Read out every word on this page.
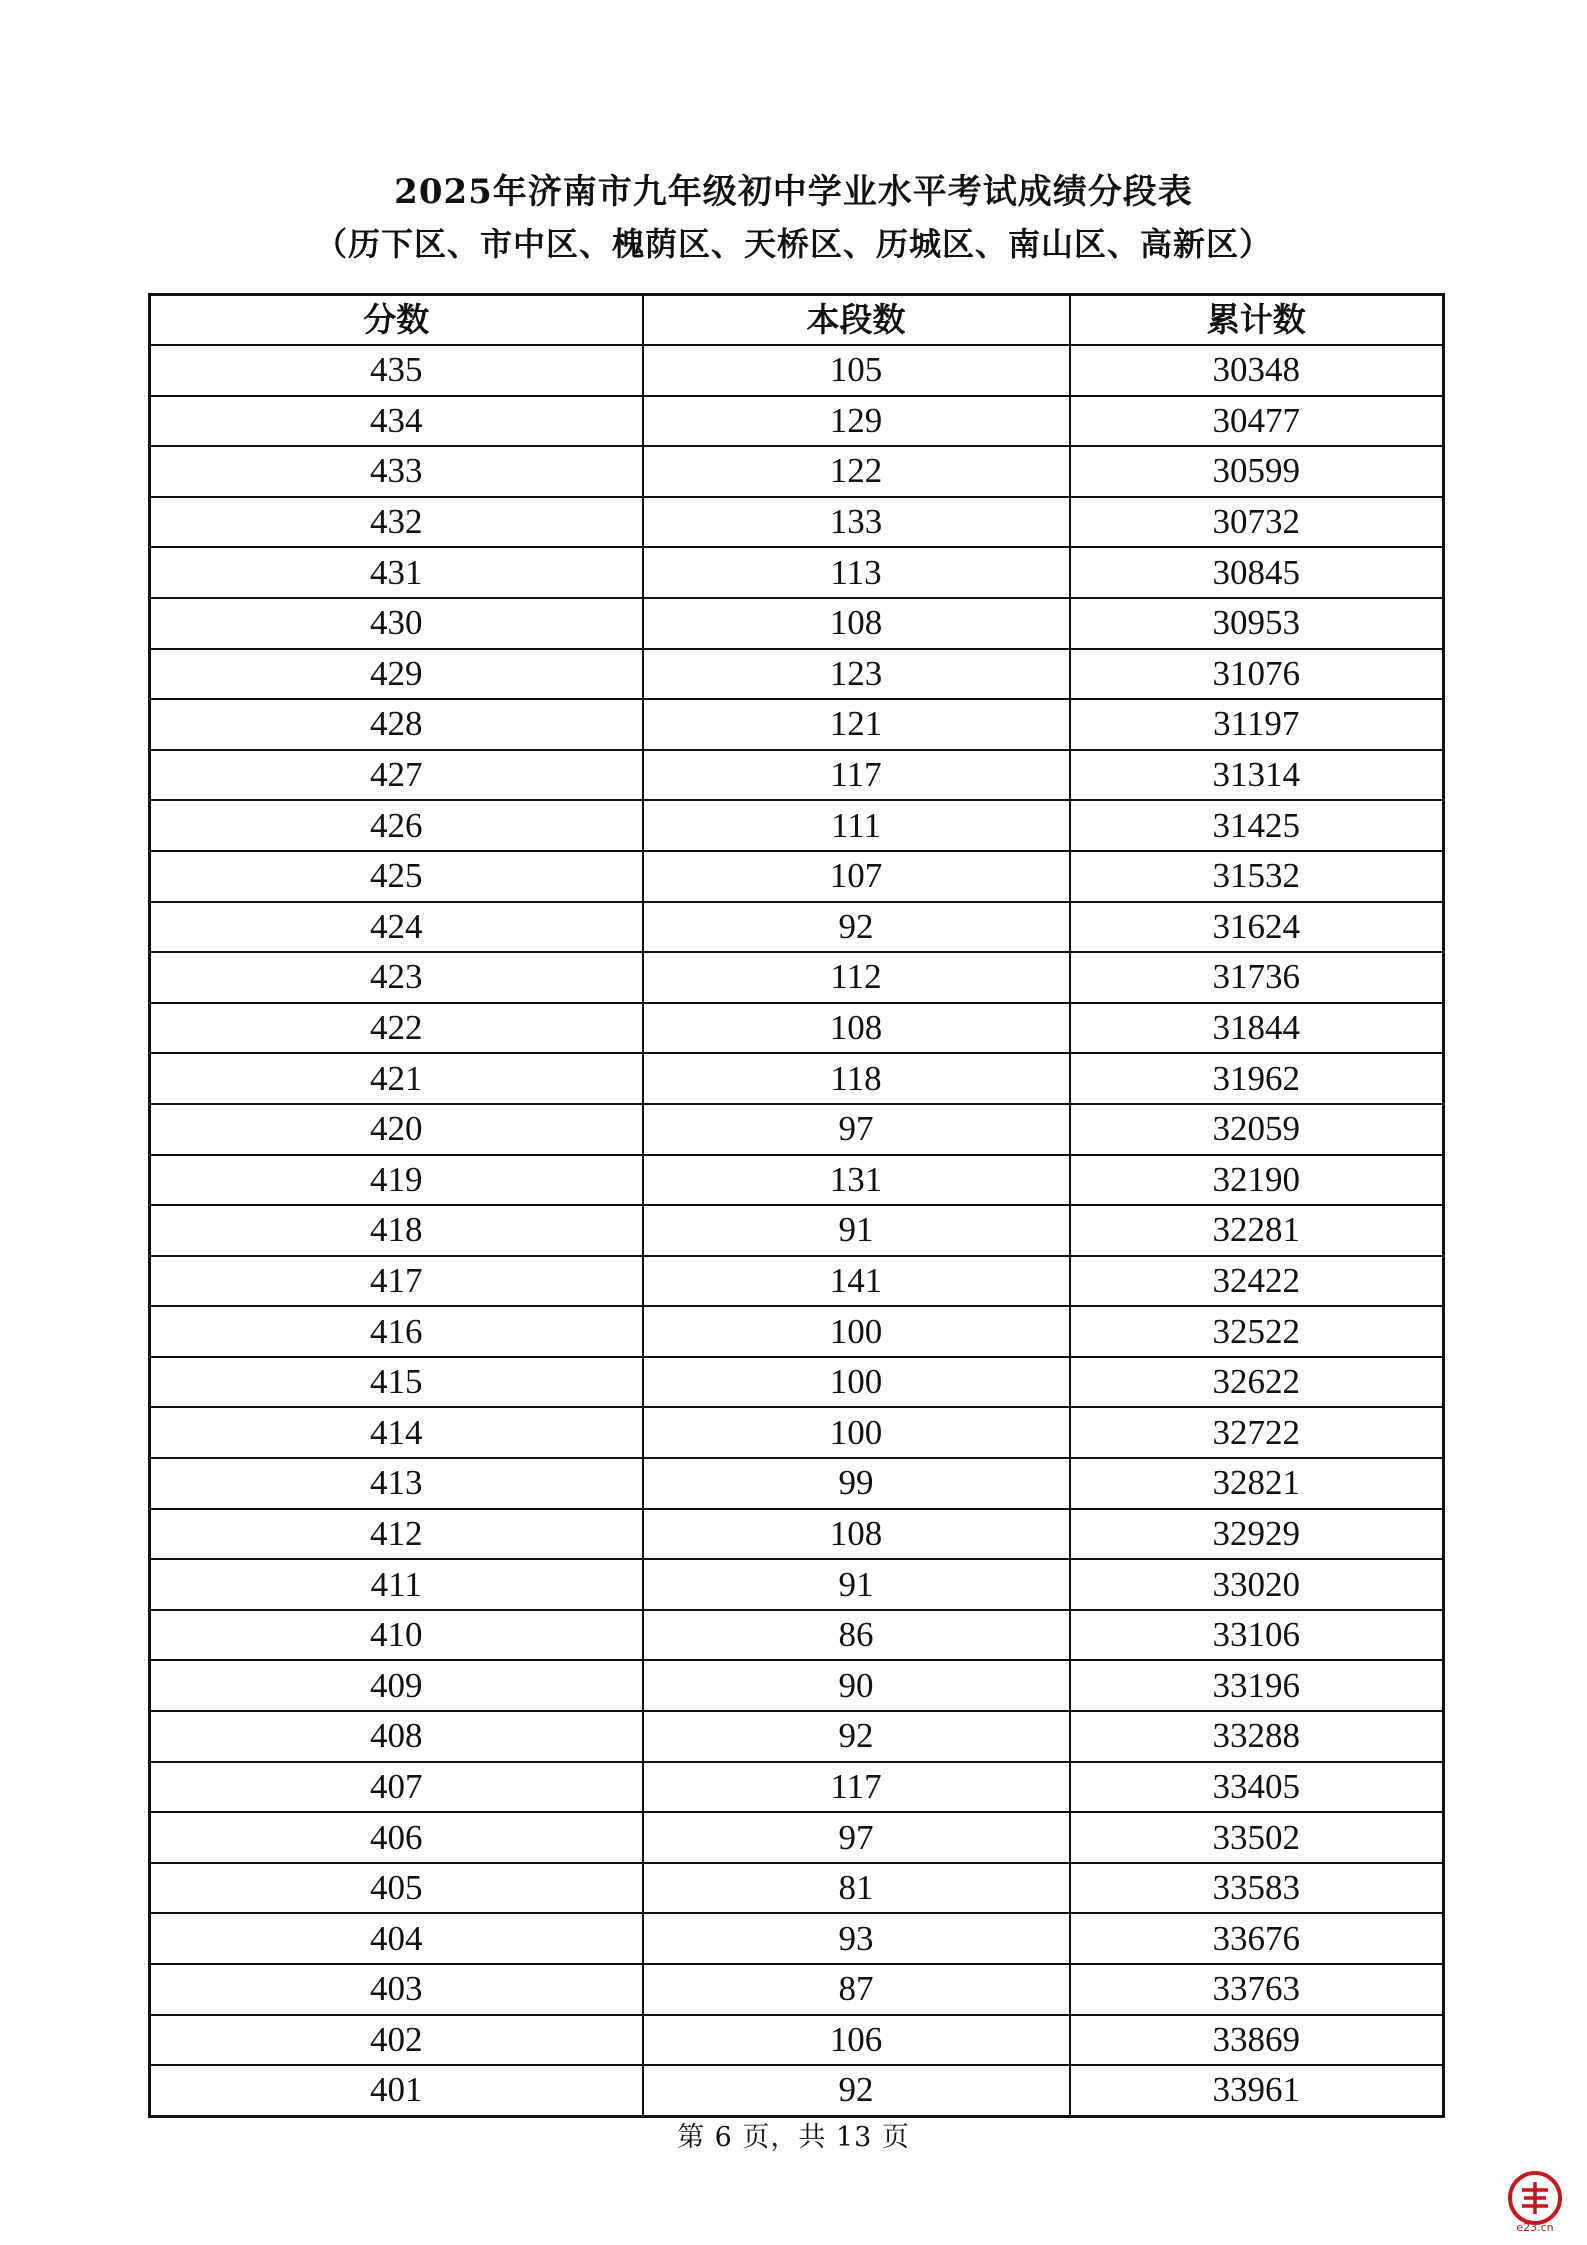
2025年济南市九年级初中学业水平考试成绩分段表
（历下区、市中区、槐荫区、天桥区、历城区、南山区、高新区）
分数	本段数	累计数
435	105	30348
434	129	30477
433	122	30599
432	133	30732
431	113	30845
430	108	30953
429	123	31076
428	121	31197
427	117	31314
426	111	31425
425	107	31532
424	92	31624
423	112	31736
422	108	31844
421	118	31962
420	97	32059
419	131	32190
418	91	32281
417	141	32422
416	100	32522
415	100	32622
414	100	32722
413	99	32821
412	108	32929
411	91	33020
410	86	33106
409	90	33196
408	92	33288
407	117	33405
406	97	33502
405	81	33583
404	93	33676
403	87	33763
402	106	33869
401	92	33961
第 6 页，共 13 页
e23.cn
